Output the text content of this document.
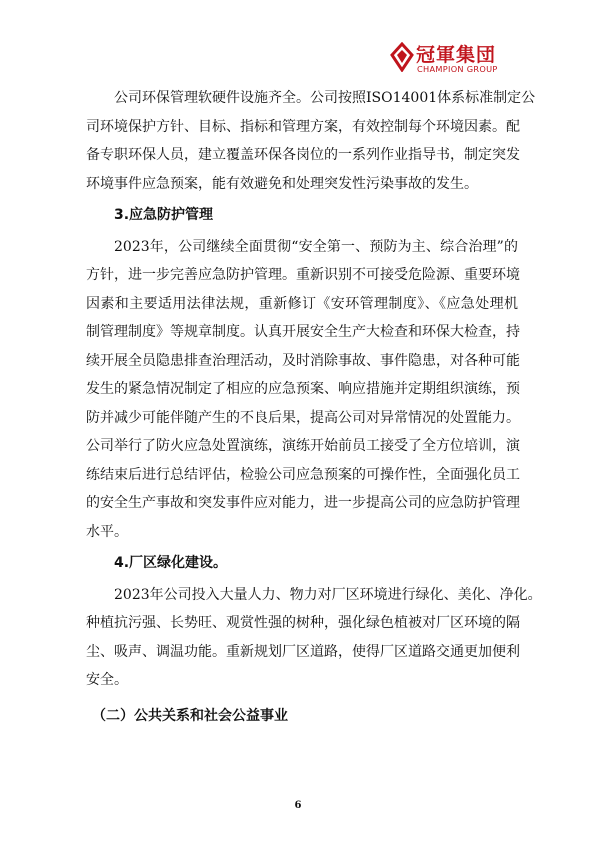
冠軍集団
CHAMPION GROUP

公司环保管理软硬件设施齐全。公司按照ISO14001体系标准制定公
司环境保护方针、目标、指标和管理方案，有效控制每个环境因素。配
备专职环保人员，建立覆盖环保各岗位的一系列作业指导书，制定突发
环境事件应急预案，能有效避免和处理突发性污染事故的发生。

3.应急防护管理

2023年，公司继续全面贯彻“安全第一、预防为主、综合治理”的
方针，进一步完善应急防护管理。重新识别不可接受危险源、重要环境
因素和主要适用法律法规，重新修订《安环管理制度》、《应急处理机
制管理制度》等规章制度。认真开展安全生产大检查和环保大检查，持
续开展全员隐患排查治理活动，及时消除事故、事件隐患，对各种可能
发生的紧急情况制定了相应的应急预案、响应措施并定期组织演练，预
防并减少可能伴随产生的不良后果，提高公司对异常情况的处置能力。
公司举行了防火应急处置演练，演练开始前员工接受了全方位培训，演
练结束后进行总结评估，检验公司应急预案的可操作性，全面强化员工
的安全生产事故和突发事件应对能力，进一步提高公司的应急防护管理
水平。

4.厂区绿化建设。

2023年公司投入大量人力、物力对厂区环境进行绿化、美化、净化。
种植抗污强、长势旺、观赏性强的树种，强化绿色植被对厂区环境的隔
尘、吸声、调温功能。重新规划厂区道路，使得厂区道路交通更加便利
安全。

（二）公共关系和社会公益事业

6
